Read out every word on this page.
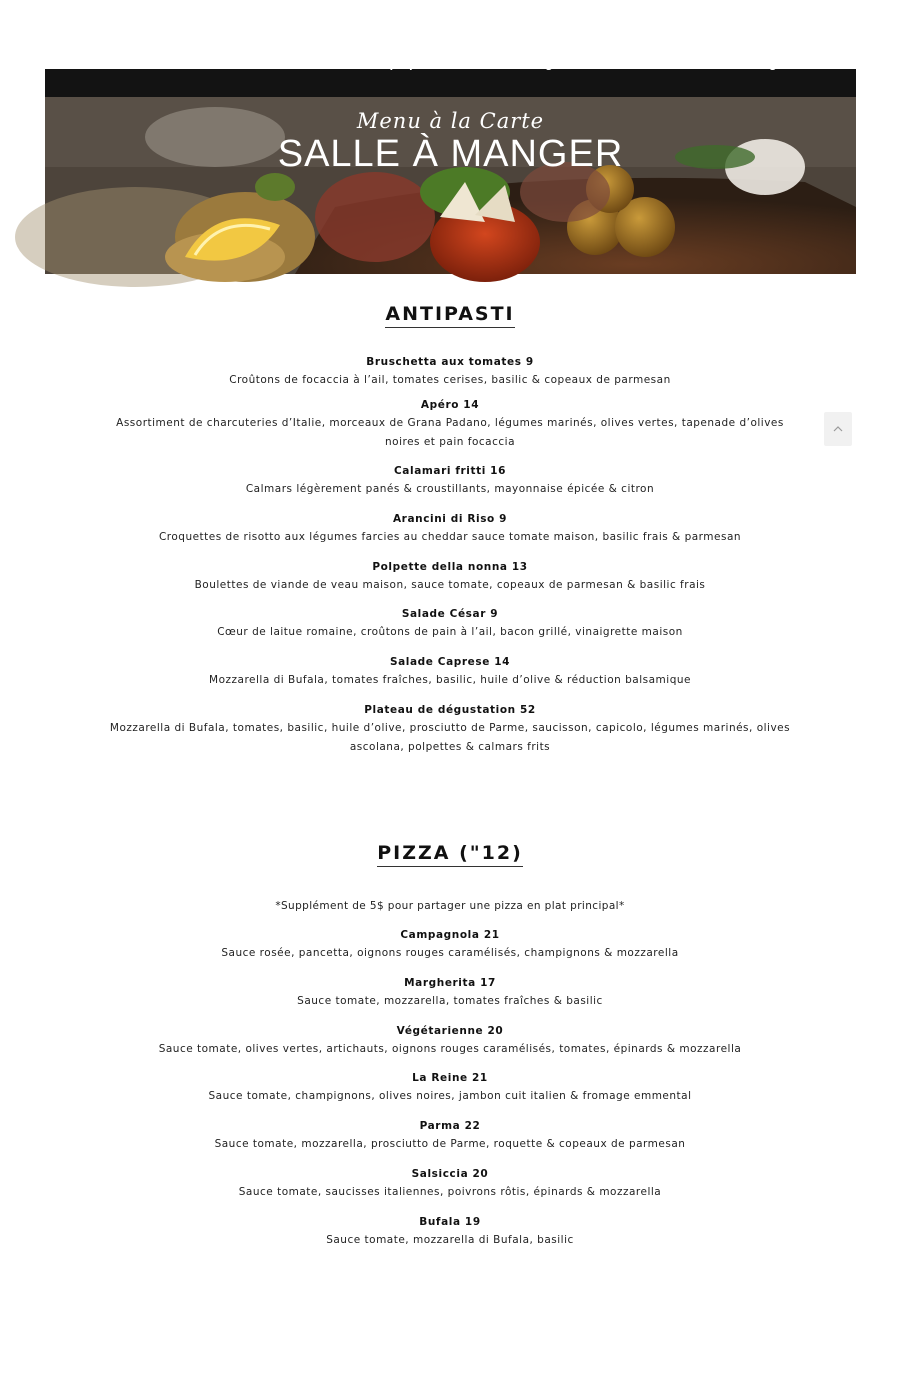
Accueil À propos Commander en ligne
Menus Horaire et Réservations
English
Menu à la Carte
SALLE À MANGER
ANTIPASTI
Bruschetta aux tomates 9
Croûtons de focaccia à l’ail, tomates cerises, basilic & copeaux de parmesan
Apéro 14
Assortiment de charcuteries d’Italie, morceaux de Grana Padano, légumes marinés, olives vertes, tapenade d’olives noires et pain focaccia
Calamari fritti 16
Calmars légèrement panés & croustillants, mayonnaise épicée & citron
Arancini di Riso 9
Croquettes de risotto aux légumes farcies au cheddar sauce tomate maison, basilic frais & parmesan
Polpette della nonna 13
Boulettes de viande de veau maison, sauce tomate, copeaux de parmesan & basilic frais
Salade César 9
Cœur de laitue romaine, croûtons de pain à l’ail, bacon grillé, vinaigrette maison
Salade Caprese 14
Mozzarella di Bufala, tomates fraîches, basilic, huile d’olive & réduction balsamique
Plateau de dégustation 52
Mozzarella di Bufala, tomates, basilic, huile d’olive, prosciutto de Parme, saucisson, capicolo, légumes marinés, olives ascolana, polpettes & calmars frits
PIZZA ("12)
*Supplément de 5$ pour partager une pizza en plat principal*
Campagnola 21
Sauce rosée, pancetta, oignons rouges caramélisés, champignons & mozzarella
Margherita 17
Sauce tomate, mozzarella, tomates fraîches & basilic
Végétarienne 20
Sauce tomate, olives vertes, artichauts, oignons rouges caramélisés, tomates, épinards & mozzarella
La Reine 21
Sauce tomate, champignons, olives noires, jambon cuit italien & fromage emmental
Parma 22
Sauce tomate, mozzarella, prosciutto de Parme, roquette & copeaux de parmesan
Salsiccia 20
Sauce tomate, saucisses italiennes, poivrons rôtis, épinards & mozzarella
Bufala 19
Sauce tomate, mozzarella di Bufala, basilic
